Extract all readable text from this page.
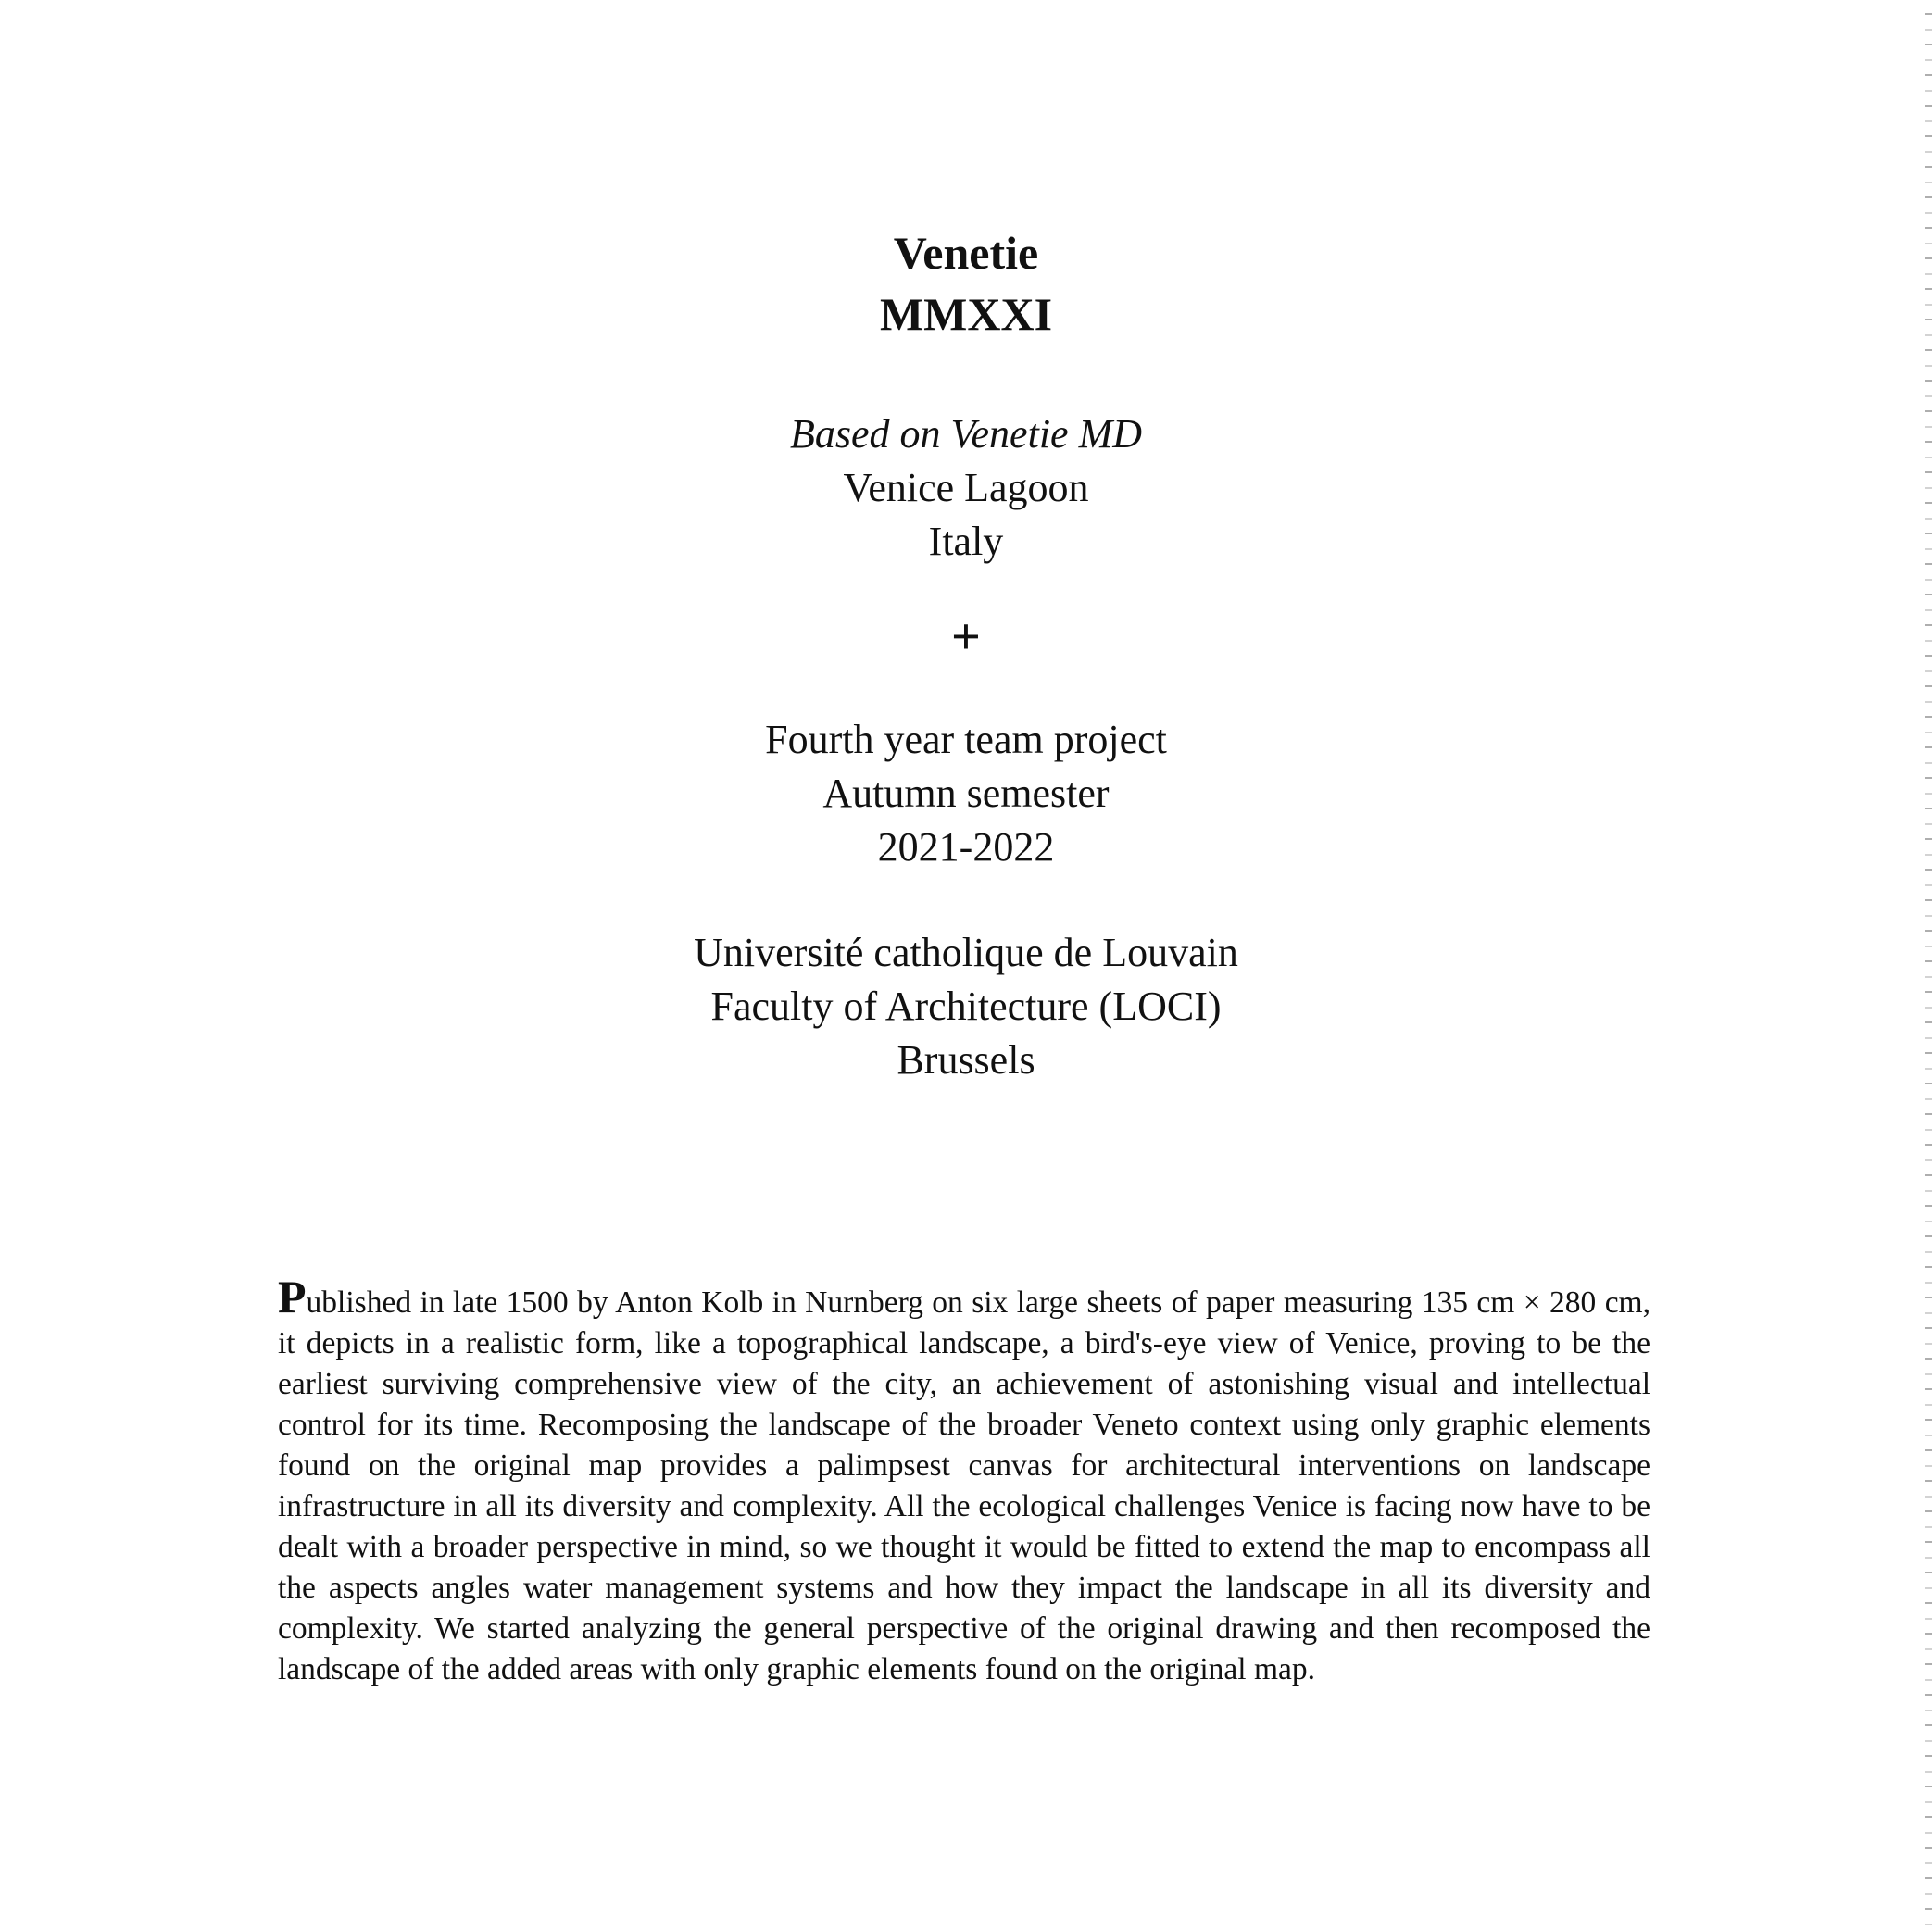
Venetie

MMXXI

Based on Venetie MD

Venice Lagoon

Italy

+

Fourth year team project

Autumn semester

2021-2022

Université catholique de Louvain

Faculty of Architecture (LOCI)

Brussels

Published in late 1500 by Anton Kolb in Nurnberg on six large sheets of paper measuring 135 cm × 280 cm, it depicts in a realistic form, like a topographical landscape, a bird's-eye view of Venice, proving to be the earliest surviving comprehensive view of the city, an achievement of astonishing visual and intellectual control for its time. Recomposing the landscape of the broader Veneto context using only graphic elements found on the original map provides a palimpsest canvas for architectural interventions on landscape infrastructure in all its diversity and complexity. All the ecological challenges Venice is facing now have to be dealt with a broader perspective in mind, so we thought it would be fitted to extend the map to encompass all the aspects angles water management systems and how they impact the landscape in all its diversity and complexity. We started analyzing the general perspective of the original drawing and then recomposed the landscape of the added areas with only graphic elements found on the original map.
